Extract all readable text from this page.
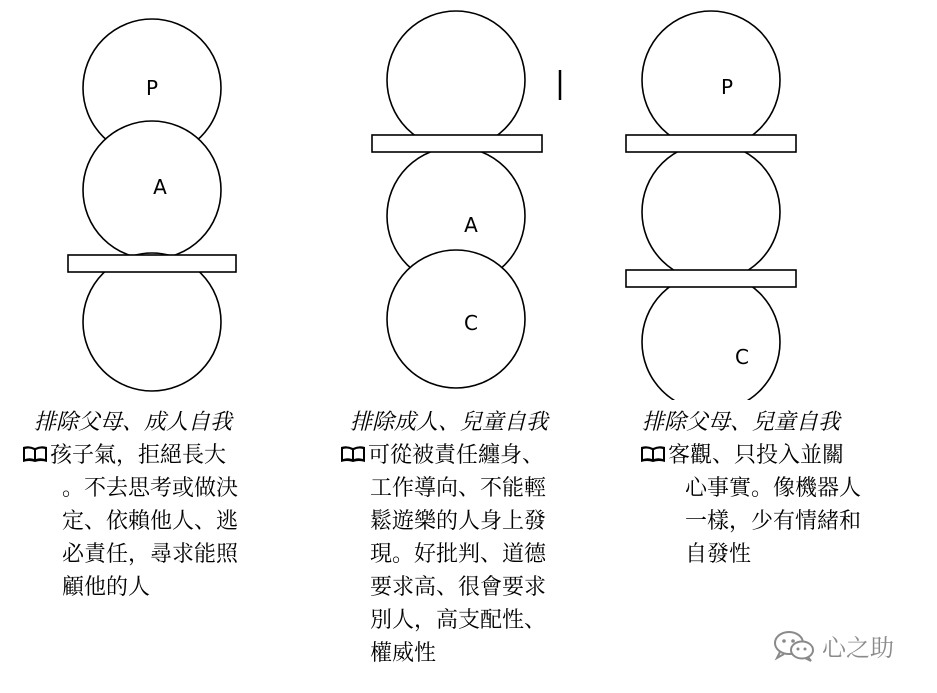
P
A
A
C
P
C
排除父母、成人自我
孩子氣，拒絕長大
。不去思考或做決
定、依賴他人、逃
必責任，尋求能照
顧他的人
排除成人、兒童自我
可從被責任纏身、
工作導向、不能輕
鬆遊樂的人身上發
現。好批判、道德
要求高、很會要求
別人，高支配性、
權威性
排除父母、兒童自我
客觀、只投入並關
心事實。像機器人
一樣，少有情緒和
自發性
心之助
